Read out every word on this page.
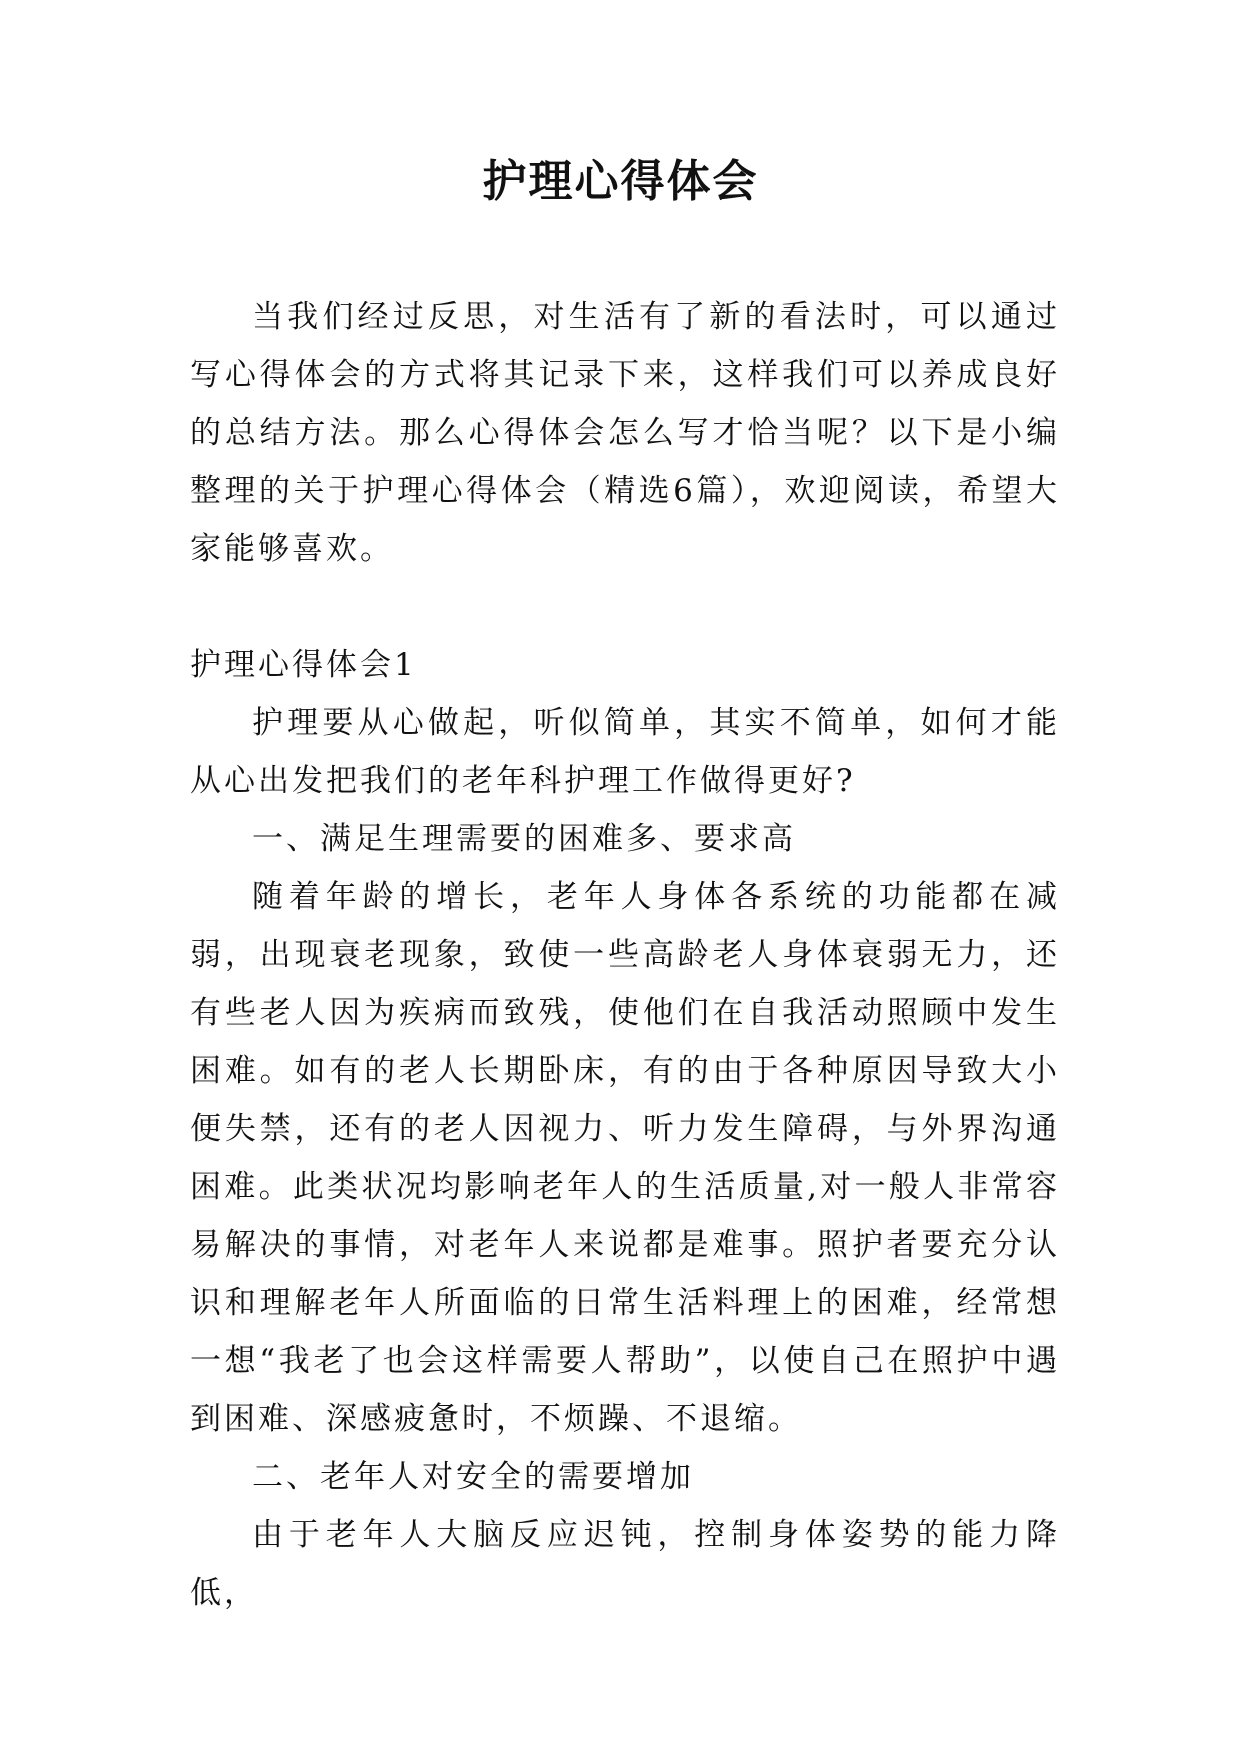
护理心得体会

当我们经过反思，对生活有了新的看法时，可以通过写心得体会的方式将其记录下来，这样我们可以养成良好的总结方法。那么心得体会怎么写才恰当呢？以下是小编整理的关于护理心得体会（精选6篇），欢迎阅读，希望大家能够喜欢。

护理心得体会1

护理要从心做起，听似简单，其实不简单，如何才能从心出发把我们的老年科护理工作做得更好?

一、满足生理需要的困难多、要求高

随着年龄的增长，老年人身体各系统的功能都在减弱，出现衰老现象，致使一些高龄老人身体衰弱无力，还有些老人因为疾病而致残，使他们在自我活动照顾中发生困难。如有的老人长期卧床，有的由于各种原因导致大小便失禁，还有的老人因视力、听力发生障碍，与外界沟通困难。此类状况均影响老年人的生活质量,对一般人非常容易解决的事情，对老年人来说都是难事。照护者要充分认识和理解老年人所面临的日常生活料理上的困难，经常想一想“我老了也会这样需要人帮助”，以使自己在照护中遇到困难、深感疲惫时，不烦躁、不退缩。

二、老年人对安全的需要增加

由于老年人大脑反应迟钝，控制身体姿势的能力降低，
